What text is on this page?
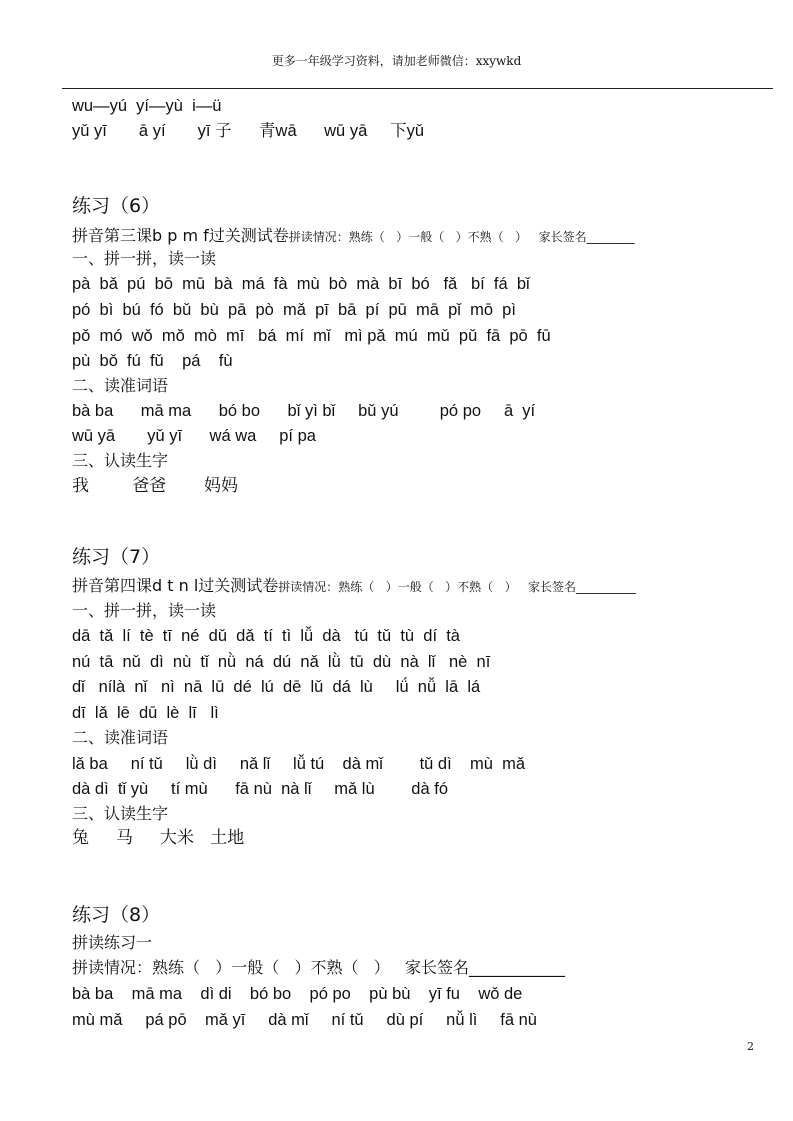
更多一年级学习资料，请加老师微信：xxywkd
wu—yú  yí—yù  i—ü
yǔ yī       ā yí       yī 子      青wā      wū yā     下yǔ
练习（6）
拼音第三课b p m f过关测试卷拼读情况：熟练（   ）一般（   ）不熟（   ）   家长签名________
一、拼一拼，读一读
pà  bǎ  pú  bō  mū  bà  má  fà  mù  bò  mà  bī  bó   fǎ   bí  fá  bǐ
pó  bì  bú  fó  bǔ  bù  pā  pò  mǎ  pī  bā  pí  pū  mā  pǐ  mō  pì
pǒ  mó  wǒ  mǒ  mò  mī   bá  mí  mǐ   mì pǎ  mú  mǔ  pǔ  fā  pō  fū
pù  bǒ  fú  fǔ    pá    fù
二、读准词语
bà ba      mā ma      bó bo      bǐ yì bǐ     bǔ yú         pó po     ā  yí
wū yā       yǔ yī      wá wa     pí pa
三、认读生字
我        爸爸       妈妈
练习（7）
拼音第四课d t n l过关测试卷拼读情况：熟练（   ）一般（   ）不熟（   ）   家长签名__________
一、拼一拼，读一读
dā  tǎ  lí  tè  tī  né  dǔ  dǎ  tí  tì  lǚ  dà   tú  tǔ  tù  dí  tà
nú  tā  nǔ  dì  nù  tǐ  nǜ  ná  dú  nǎ  lǜ  tū  dù  nà  lǐ   nè  nī
dǐ   nílà  nǐ   nì  nā  lū  dé  lú  dē  lǔ  dá  lù     lǘ  nǚ  lā  lá
dī  lǎ  lē  dū  lè  lī   lì
二、读准词语
lǎ ba     ní tǔ     lǜ dì     nǎ lǐ     lǚ tú    dà mǐ        tǔ dì    mù  mǎ
dà dì  tǐ yù     tí mù      fā nù  nà lǐ     mǎ lù        dà fó
三、认读生字
兔     马     大米   土地
练习（8）
拼读练习一
拼读情况：熟练（   ）一般（   ）不熟（   ）   家长签名____________
bà ba    mā ma    dì di    bó bo    pó po    pù bù    yī fu    wǒ de
mù mǎ     pá pō    mǎ yī     dà mǐ     ní tǔ     dù pí     nǚ lì     fā nù
2
